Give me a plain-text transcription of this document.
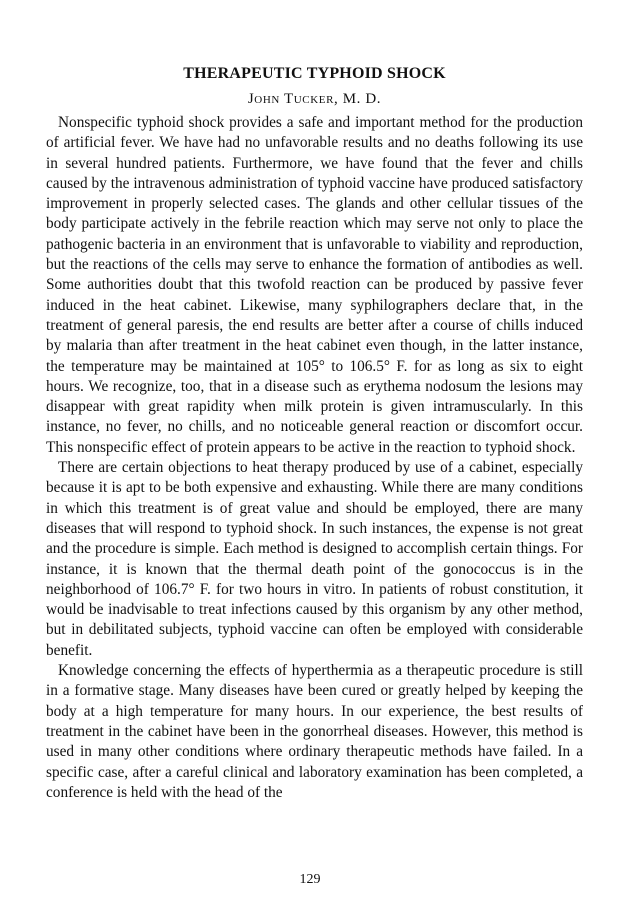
THERAPEUTIC TYPHOID SHOCK
John Tucker, M. D.

Nonspecific typhoid shock provides a safe and important method for the production of artificial fever. We have had no unfavorable results and no deaths following its use in several hundred patients. Furthermore, we have found that the fever and chills caused by the intravenous administration of typhoid vaccine have produced satisfactory improvement in properly selected cases. The glands and other cellular tissues of the body participate actively in the febrile reaction which may serve not only to place the pathogenic bacteria in an environment that is unfavorable to viability and reproduction, but the reactions of the cells may serve to enhance the formation of antibodies as well. Some authorities doubt that this twofold reaction can be produced by passive fever induced in the heat cabinet. Likewise, many syphilographers declare that, in the treatment of general paresis, the end results are better after a course of chills induced by malaria than after treatment in the heat cabinet even though, in the latter instance, the temperature may be maintained at 105° to 106.5° F. for as long as six to eight hours. We recognize, too, that in a disease such as erythema nodosum the lesions may disappear with great rapidity when milk protein is given intramuscularly. In this instance, no fever, no chills, and no noticeable general reaction or discomfort occur. This nonspecific effect of protein appears to be active in the reaction to typhoid shock.

There are certain objections to heat therapy produced by use of a cabinet, especially because it is apt to be both expensive and exhausting. While there are many conditions in which this treatment is of great value and should be employed, there are many diseases that will respond to typhoid shock. In such instances, the expense is not great and the procedure is simple. Each method is designed to accomplish certain things. For instance, it is known that the thermal death point of the gonococcus is in the neighborhood of 106.7° F. for two hours in vitro. In patients of robust constitution, it would be inadvisable to treat infections caused by this organism by any other method, but in debilitated subjects, typhoid vaccine can often be employed with considerable benefit.

Knowledge concerning the effects of hyperthermia as a therapeutic procedure is still in a formative stage. Many diseases have been cured or greatly helped by keeping the body at a high temperature for many hours. In our experience, the best results of treatment in the cabinet have been in the gonorrheal diseases. However, this method is used in many other conditions where ordinary therapeutic methods have failed. In a specific case, after a careful clinical and laboratory examination has been completed, a conference is held with the head of the

129
